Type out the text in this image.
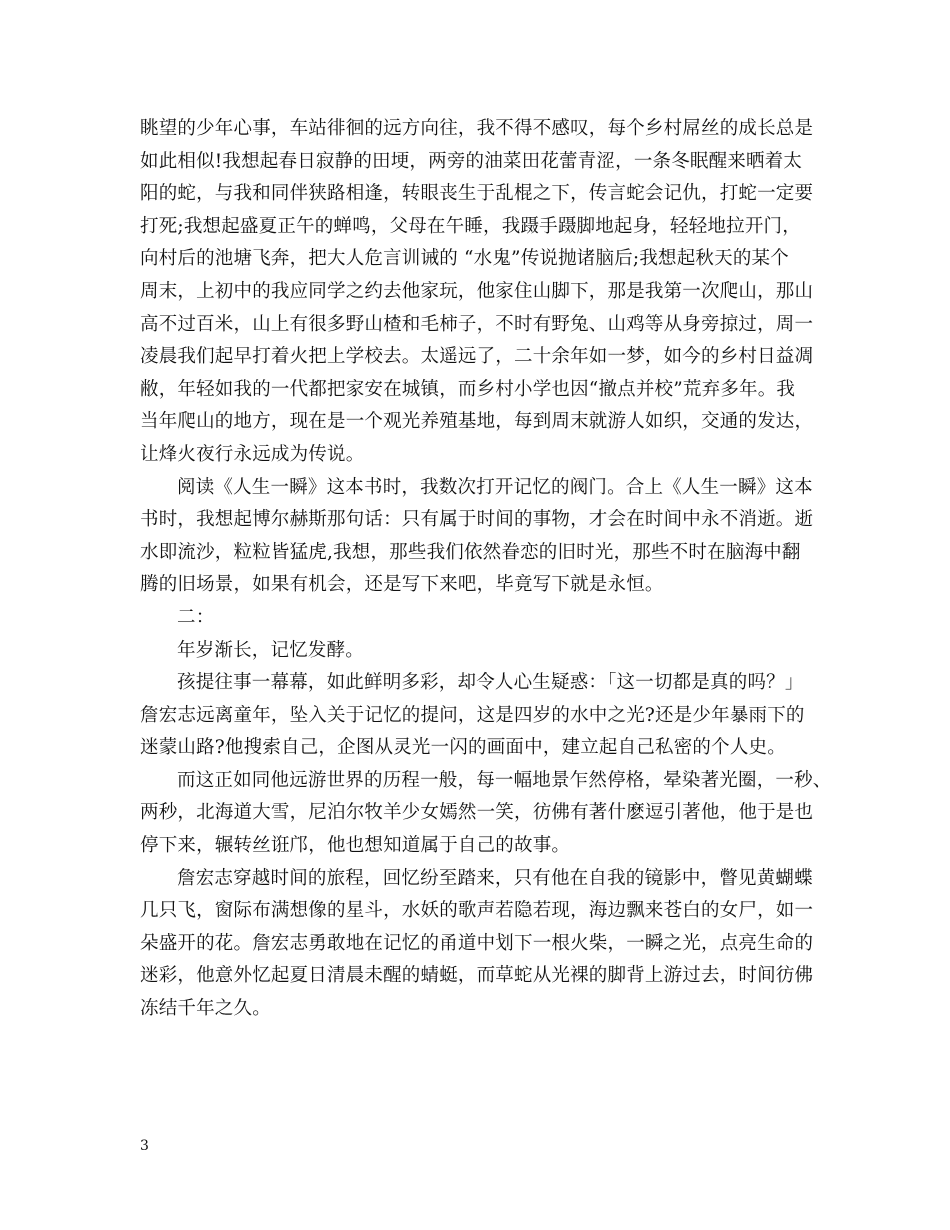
眺望的少年心事，车站徘徊的远方向往，我不得不感叹，每个乡村屌丝的成长总是
如此相似!我想起春日寂静的田埂，两旁的油菜田花蕾青涩，一条冬眠醒来晒着太
阳的蛇，与我和同伴狭路相逢，转眼丧生于乱棍之下，传言蛇会记仇，打蛇一定要
打死;我想起盛夏正午的蝉鸣，父母在午睡，我蹑手蹑脚地起身，轻轻地拉开门，
向村后的池塘飞奔，把大人危言训诫的 “水鬼”传说抛诸脑后;我想起秋天的某个
周末，上初中的我应同学之约去他家玩，他家住山脚下，那是我第一次爬山，那山
高不过百米，山上有很多野山楂和毛柿子，不时有野兔、山鸡等从身旁掠过，周一
凌晨我们起早打着火把上学校去。太遥远了，二十余年如一梦，如今的乡村日益凋
敝，年轻如我的一代都把家安在城镇，而乡村小学也因“撤点并校”荒弃多年。我
当年爬山的地方，现在是一个观光养殖基地，每到周末就游人如织，交通的发达，
让烽火夜行永远成为传说。
阅读《人生一瞬》这本书时，我数次打开记忆的阀门。合上《人生一瞬》这本
书时，我想起博尔赫斯那句话：只有属于时间的事物，才会在时间中永不消逝。逝
水即流沙，粒粒皆猛虎,我想，那些我们依然眷恋的旧时光，那些不时在脑海中翻
腾的旧场景，如果有机会，还是写下来吧，毕竟写下就是永恒。
二：
年岁渐长，记忆发酵。
孩提往事一幕幕，如此鲜明多彩，却令人心生疑惑：「这一切都是真的吗？」
詹宏志远离童年，坠入关于记忆的提问，这是四岁的水中之光?还是少年暴雨下的
迷蒙山路?他搜索自己，企图从灵光一闪的画面中，建立起自己私密的个人史。
而这正如同他远游世界的历程一般，每一幅地景乍然停格，晕染著光圈，一秒、
两秒，北海道大雪，尼泊尔牧羊少女嫣然一笑，彷佛有著什麽逗引著他，他于是也
停下来，辗转丝诳邝，他也想知道属于自己的故事。
詹宏志穿越时间的旅程，回忆纷至踏来，只有他在自我的镜影中，瞥见黄蝴蝶
几只飞，窗际布满想像的星斗，水妖的歌声若隐若现，海边飘来苍白的女尸，如一
朵盛开的花。詹宏志勇敢地在记忆的甬道中划下一根火柴，一瞬之光，点亮生命的
迷彩，他意外忆起夏日清晨未醒的蜻蜓，而草蛇从光裸的脚背上游过去，时间彷佛
冻结千年之久。
3
